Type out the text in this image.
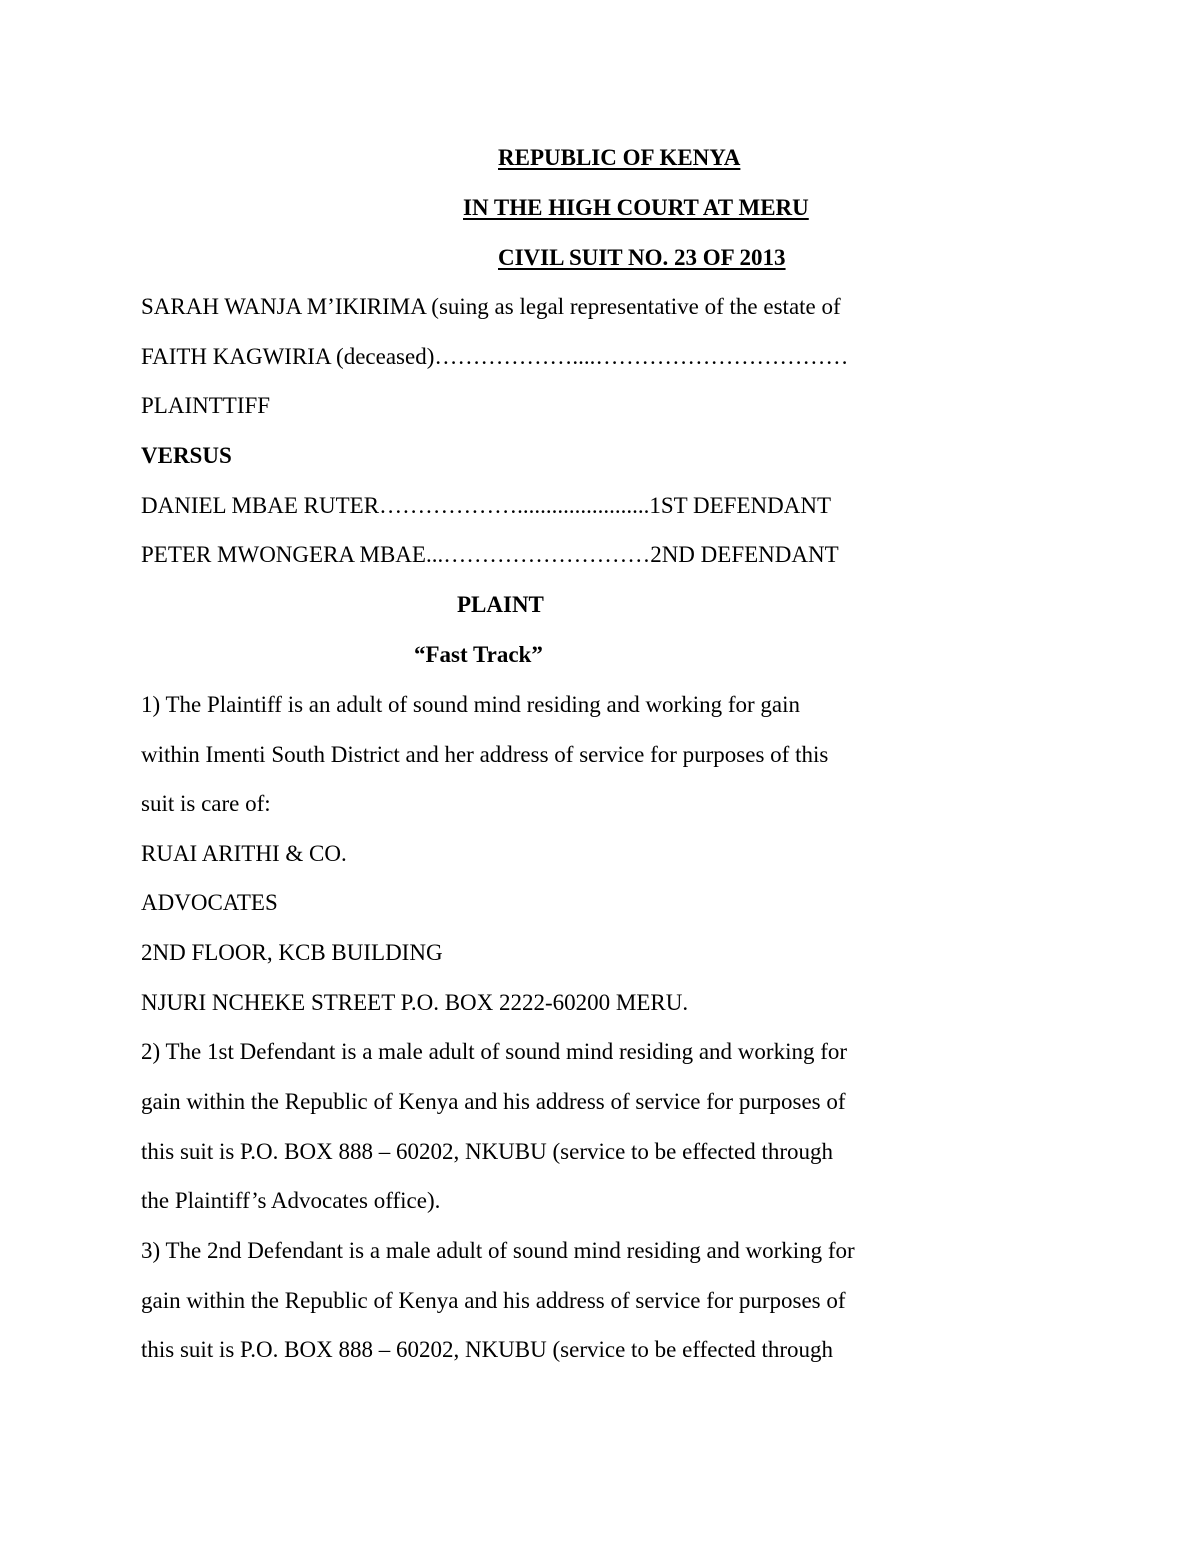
REPUBLIC OF KENYA
IN THE HIGH COURT AT MERU
CIVIL SUIT NO. 23 OF 2013
SARAH WANJA M’IKIRIMA (suing as legal representative of the estate of
FAITH KAGWIRIA (deceased)………………....……………………………
PLAINTTIFF
VERSUS
DANIEL MBAE RUTER……………….......................1ST DEFENDANT
PETER MWONGERA MBAE...………………………2ND DEFENDANT
PLAINT
“Fast Track”
1) The Plaintiff is an adult of sound mind residing and working for gain
within Imenti South District and her address of service for purposes of this
suit is care of:
RUAI ARITHI & CO.
ADVOCATES
2ND FLOOR, KCB BUILDING
NJURI NCHEKE STREET P.O. BOX 2222-60200 MERU.
2) The 1st Defendant is a male adult of sound mind residing and working for
gain within the Republic of Kenya and his address of service for purposes of
this suit is P.O. BOX 888 – 60202, NKUBU (service to be effected through
the Plaintiff’s Advocates office).
3) The 2nd Defendant is a male adult of sound mind residing and working for
gain within the Republic of Kenya and his address of service for purposes of
this suit is P.O. BOX 888 – 60202, NKUBU (service to be effected through
